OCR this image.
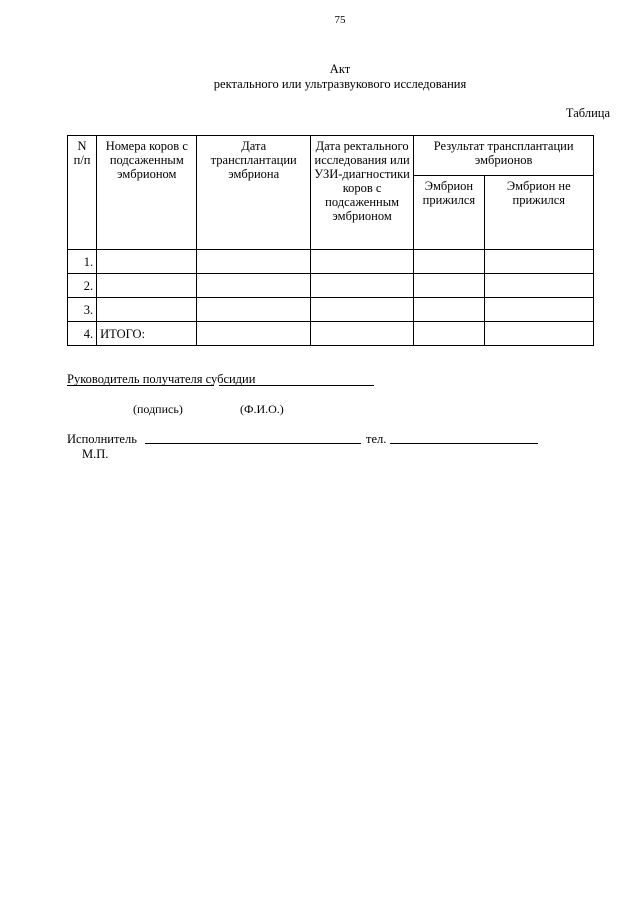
75
Акт
ректального или ультразвукового исследования
Таблица
N п/п	Номера коров с подсаженным эмбрионом	Дата трансплантации эмбриона	Дата ректального исследования или УЗИ-диагностики коров с подсаженным эмбрионом	Результат трансплантации эмбрионов	
				Эмбрион прижился	Эмбрион не прижился
1.					
2.					
3.					
4.	ИТОГО:				
Руководитель получателя субсидии
(подпись)	(Ф.И.О.)
Исполнитель	тел.
М.П.
